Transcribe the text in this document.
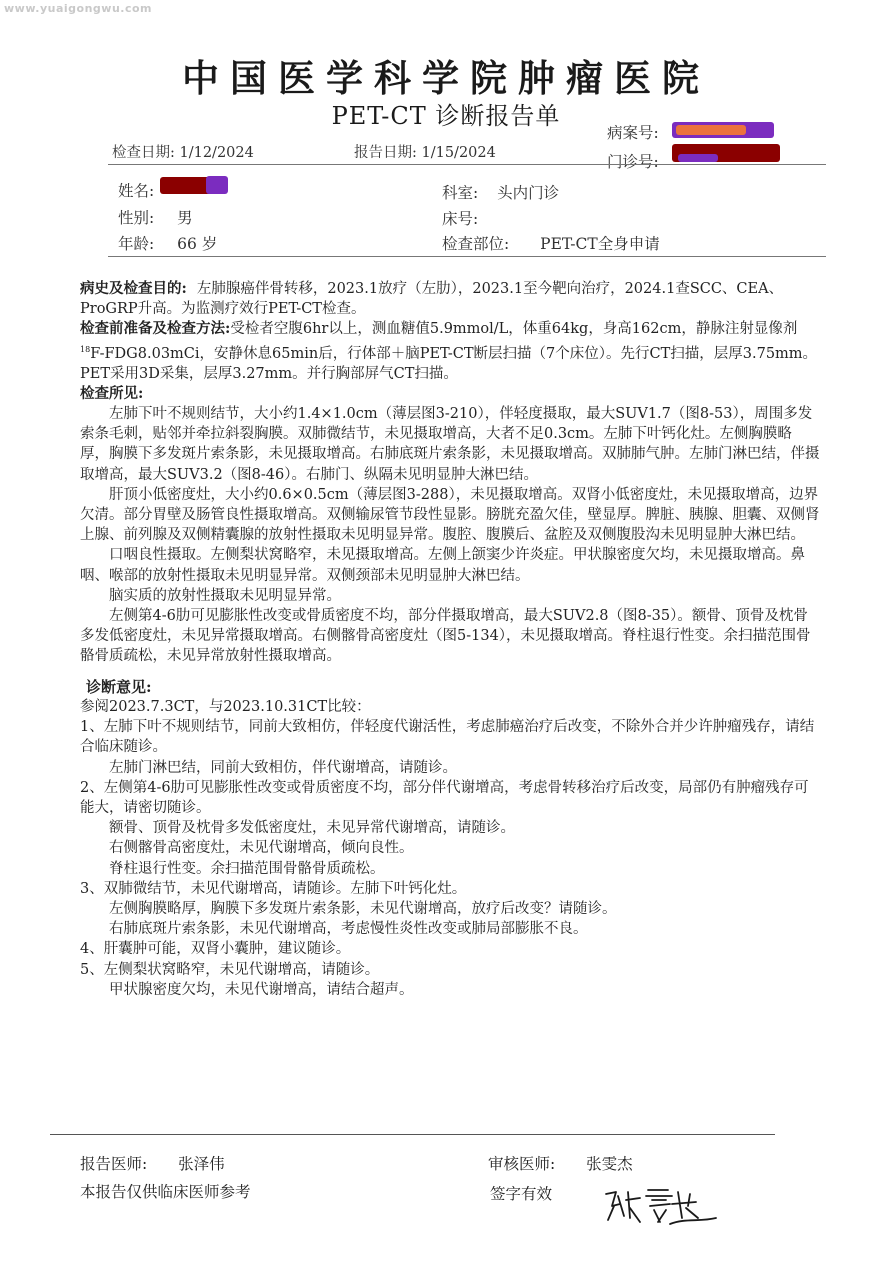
www.yuaigongwu.com
中国医学科学院肿瘤医院
PET-CT 诊断报告单
检查日期: 1/12/2024	报告日期: 1/15/2024
病案号:
门诊号:
姓名:
性别: 男
年龄: 66 岁
科室: 头内门诊
床号:
检查部位: PET-CT全身申请

病史及检查目的: 左肺腺癌伴骨转移，2023.1放疗（左肋），2023.1至今靶向治疗，2024.1查SCC、CEA、ProGRP升高。为监测疗效行PET-CT检查。

检查前准备及检查方法:受检者空腹6hr以上，测血糖值5.9mmol/L，体重64kg，身高162cm，静脉注射显像剂$^{18}$F-FDG8.03mCi，安静休息65min后，行体部＋脑PET-CT断层扫描（7个床位）。先行CT扫描，层厚3.75mm。PET采用3D采集，层厚3.27mm。并行胸部屏气CT扫描。

检查所见:

左肺下叶不规则结节，大小约1.4×1.0cm（薄层图3-210），伴轻度摄取，最大SUV1.7（图8-53），周围多发索条毛刺，贴邻并牵拉斜裂胸膜。双肺微结节，未见摄取增高，大者不足0.3cm。左肺下叶钙化灶。左侧胸膜略厚，胸膜下多发斑片索条影，未见摄取增高。右肺底斑片索条影，未见摄取增高。双肺肺气肿。左肺门淋巴结，伴摄取增高，最大SUV3.2（图8-46）。右肺门、纵隔未见明显肿大淋巴结。

肝顶小低密度灶，大小约0.6×0.5cm（薄层图3-288），未见摄取增高。双肾小低密度灶，未见摄取增高，边界欠清。部分胃壁及肠管良性摄取增高。双侧输尿管节段性显影。膀胱充盈欠佳，壁显厚。脾脏、胰腺、胆囊、双侧肾上腺、前列腺及双侧精囊腺的放射性摄取未见明显异常。腹腔、腹膜后、盆腔及双侧腹股沟未见明显肿大淋巴结。

口咽良性摄取。左侧梨状窝略窄，未见摄取增高。左侧上颌窦少许炎症。甲状腺密度欠均，未见摄取增高。鼻咽、喉部的放射性摄取未见明显异常。双侧颈部未见明显肿大淋巴结。

脑实质的放射性摄取未见明显异常。

左侧第4-6肋可见膨胀性改变或骨质密度不均，部分伴摄取增高，最大SUV2.8（图8-35）。额骨、顶骨及枕骨多发低密度灶，未见异常摄取增高。右侧髂骨高密度灶（图5-134），未见摄取增高。脊柱退行性变。余扫描范围骨骼骨质疏松，未见异常放射性摄取增高。

诊断意见:

参阅2023.7.3CT，与2023.10.31CT比较：

1、左肺下叶不规则结节，同前大致相仿，伴轻度代谢活性，考虑肺癌治疗后改变，不除外合并少许肿瘤残存，请结合临床随诊。

左肺门淋巴结，同前大致相仿，伴代谢增高，请随诊。

2、左侧第4-6肋可见膨胀性改变或骨质密度不均，部分伴代谢增高，考虑骨转移治疗后改变，局部仍有肿瘤残存可能大，请密切随诊。

额骨、顶骨及枕骨多发低密度灶，未见异常代谢增高，请随诊。

右侧髂骨高密度灶，未见代谢增高，倾向良性。

脊柱退行性变。余扫描范围骨骼骨质疏松。

3、双肺微结节，未见代谢增高，请随诊。左肺下叶钙化灶。

左侧胸膜略厚，胸膜下多发斑片索条影，未见代谢增高，放疗后改变？请随诊。

右肺底斑片索条影，未见代谢增高，考虑慢性炎性改变或肺局部膨胀不良。

4、肝囊肿可能，双肾小囊肿，建议随诊。

5、左侧梨状窝略窄，未见代谢增高，请随诊。

甲状腺密度欠均，未见代谢增高，请结合超声。

报告医师: 张泽伟
本报告仅供临床医师参考
审核医师: 张雯杰
签字有效
